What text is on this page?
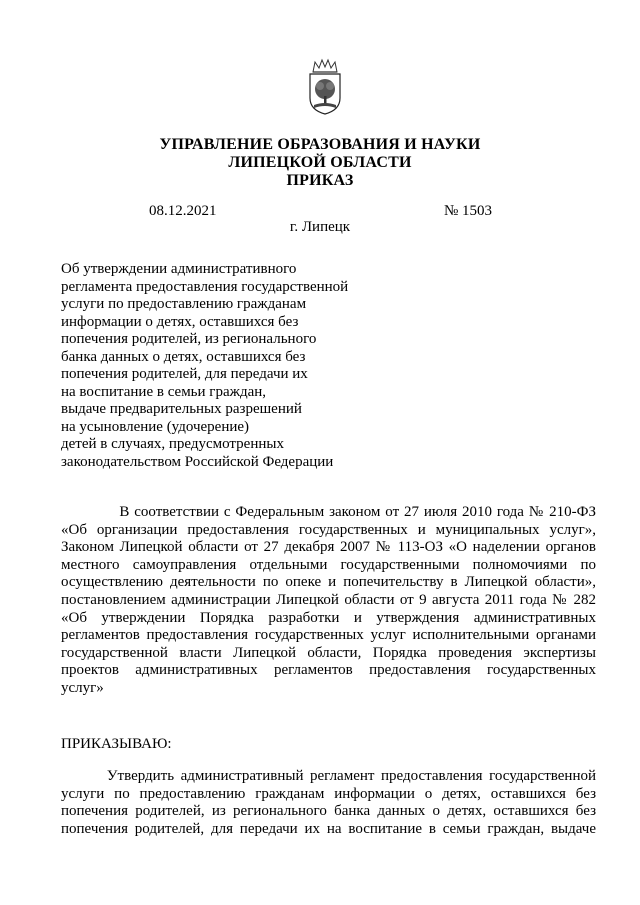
УПРАВЛЕНИЕ ОБРАЗОВАНИЯ И НАУКИ
ЛИПЕЦКОЙ ОБЛАСТИ
ПРИКАЗ
08.12.2021	№ 1503
г. Липецк
Об утверждении административного
регламента предоставления государственной
услуги по предоставлению гражданам
информации о детях, оставшихся без
попечения родителей, из регионального
банка данных о детях, оставшихся без
попечения родителей, для передачи их
на воспитание в семьи граждан,
выдаче предварительных разрешений
на усыновление (удочерение)
детей в случаях, предусмотренных
законодательством Российской Федерации
В соответствии с Федеральным законом от 27 июля 2010 года № 210-ФЗ
«Об организации предоставления государственных и муниципальных услуг»,
Законом Липецкой области от 27 декабря 2007 № 113-ОЗ «О наделении органов
местного самоуправления отдельными государственными полномочиями по
осуществлению деятельности по опеке и попечительству в Липецкой области»,
постановлением администрации Липецкой области от 9 августа 2011 года № 282
«Об утверждении Порядка разработки и утверждения административных
регламентов предоставления государственных услуг исполнительными органами
государственной власти Липецкой области, Порядка проведения экспертизы
проектов административных регламентов предоставления государственных
услуг»
ПРИКАЗЫВАЮ:
Утвердить административный регламент предоставления государственной
услуги по предоставлению гражданам информации о детях, оставшихся без
попечения родителей, из регионального банка данных о детях, оставшихся без
попечения родителей, для передачи их на воспитание в семьи граждан, выдаче
